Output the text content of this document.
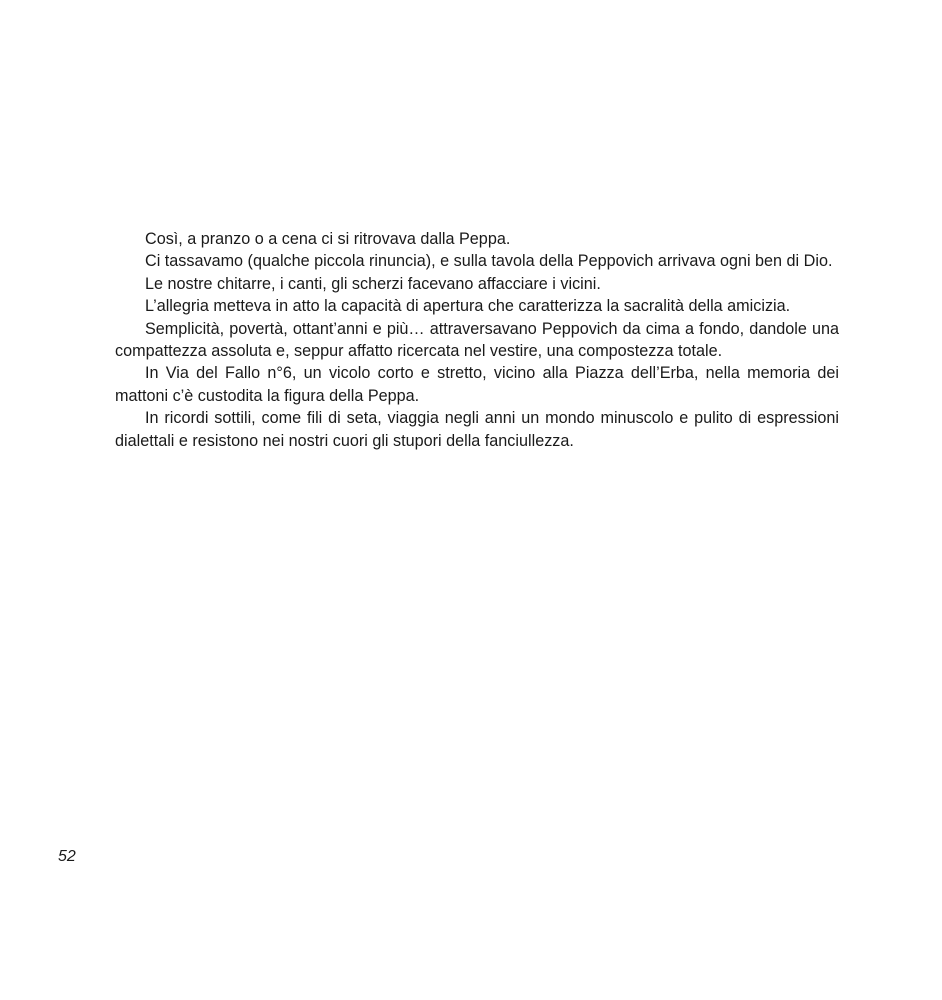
Così, a pranzo o a cena ci si ritrovava dalla Peppa.

Ci tassavamo (qualche piccola rinuncia), e sulla tavola della Peppovich arrivava ogni ben di Dio.

Le nostre chitarre, i canti, gli scherzi facevano affacciare i vicini.

L’allegria metteva in atto la capacità di apertura che caratterizza la sacralità della amicizia.

Semplicità, povertà, ottant’anni e più… attraversavano Peppovich da cima a fondo, dandole una compattezza assoluta e, seppur affatto ricercata nel vestire, una compostezza totale.

In Via del Fallo n°6, un vicolo corto e stretto, vicino alla Piazza dell’Erba, nella memoria dei mattoni c’è custodita la figura della Peppa.

In ricordi sottili, come fili di seta, viaggia negli anni un mondo minuscolo e pulito di espressioni dialettali e resistono nei nostri cuori gli stupori della fanciullezza.

52
